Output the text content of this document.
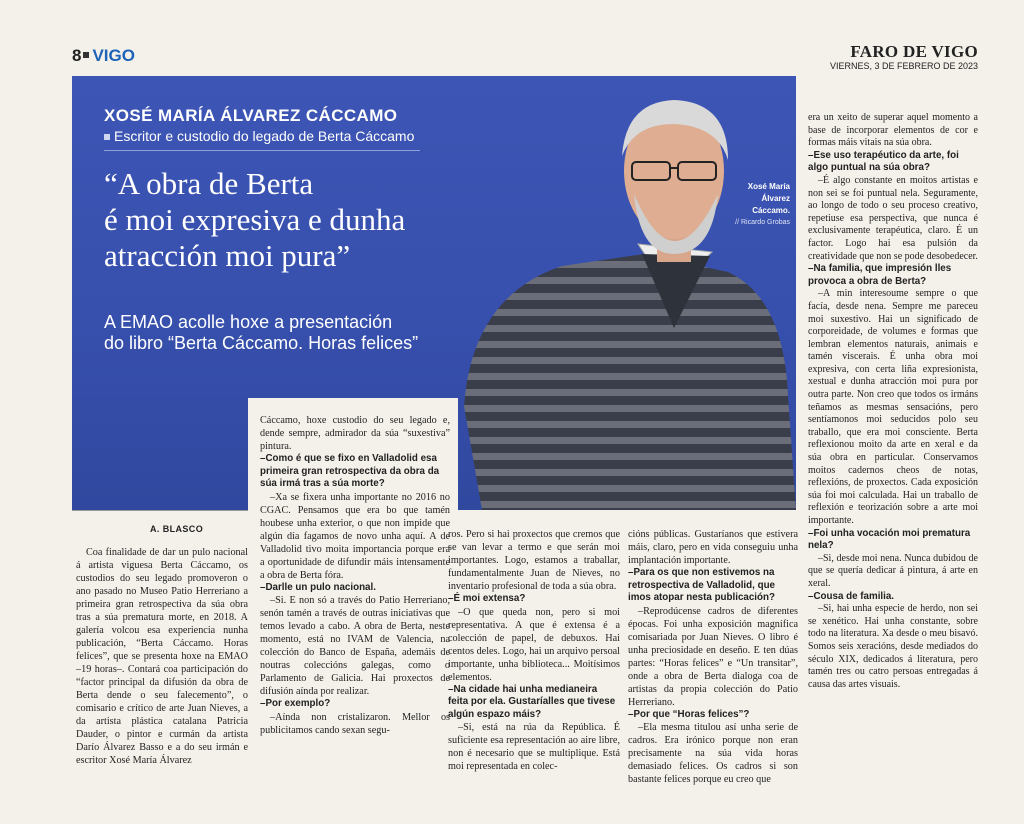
8 VIGO	FARO DE VIGO
VIERNES, 3 DE FEBRERO DE 2023
XOSÉ MARÍA ÁLVAREZ CÁCCAMO
Escritor e custodio do legado de Berta Cáccamo
“A obra de Berta
é moi expresiva e dunha
atracción moi pura”
A EMAO acolle hoxe a presentación
do libro “Berta Cáccamo. Horas felices”
Xosé María
Álvarez
Cáccamo.
// Ricardo Grobas
A. BLASCO

Coa finalidade de dar un pulo nacional á artista viguesa Berta Cáccamo, os custodios do seu legado promoveron o ano pasado no Museo Patio Herreriano a primeira gran retrospectiva da súa obra tras a súa prematura morte, en 2018. A galería volcou esa experiencia nunha publicación, “Berta Cáccamo. Horas felices”, que se presenta hoxe na EMAO –19 horas–. Contará coa participación do “factor principal da difusión da obra de Berta dende o seu falecemento”, o comisario e crítico de arte Juan Nieves, a da artista plástica catalana Patricia Dauder, o pintor e curmán da artista Darío Álvarez Basso e a do seu irmán e escritor Xosé María Álvarez

Cáccamo, hoxe custodio do seu legado e, dende sempre, admirador da súa “suxestiva” pintura.

–Como é que se fixo en Valladolid esa primeira gran retrospectiva da obra da súa irmá tras a súa morte?

–Xa se fixera unha importante no 2016 no CGAC. Pensamos que era bo que tamén houbese unha exterior, o que non impide que algún día fagamos de novo unha aquí. A de Valladolid tivo moita importancia porque era a oportunidade de difundir máis intensamente a obra de Berta fóra.

–Darlle un pulo nacional.

–Si. E non só a través do Patio Herreriano, senón tamén a través de outras iniciativas que temos levado a cabo. A obra de Berta, neste momento, está no IVAM de Valencia, na colección do Banco de España, ademáis de noutras coleccións galegas, como o Parlamento de Galicia. Hai proxectos de difusión aínda por realizar.

–Por exemplo?

–Aínda non cristalizaron. Mellor os publicitamos cando sexan segu-

ros. Pero si hai proxectos que cremos que se van levar a termo e que serán moi importantes. Logo, estamos a traballar, fundamentalmente Juan de Nieves, no inventario profesional de toda a súa obra.

–É moi extensa?

–O que queda non, pero si moi representativa. A que é extensa é a colección de papel, de debuxos. Hai centos deles. Logo, hai un arquivo persoal importante, unha biblioteca... Moitísimos elementos.

–Na cidade hai unha medianeira feita por ela. Gustaríalles que tivese algún espazo máis?

–Si, está na rúa da República. É suficiente esa representación ao aire libre, non é necesario que se multiplique. Está moi representada en colec-

cións públicas. Gustaríanos que estivera máis, claro, pero en vida conseguiu unha implantación importante.

–Para os que non estivemos na retrospectiva de Valladolid, que imos atopar nesta publicación?

–Reprodúcense cadros de diferentes épocas. Foi unha exposición magnífica comisariada por Juan Nieves. O libro é unha preciosidade en deseño. E ten dúas partes: “Horas felices” e “Un transitar”, onde a obra de Berta dialoga coa de artistas da propia colección do Patio Herreriano.

–Por que “Horas felices”?

–Ela mesma titulou así unha serie de cadros. Era irónico porque non eran precisamente na súa vida horas demasiado felices. Os cadros si son bastante felices porque eu creo que

era un xeito de superar aquel momento a base de incorporar elementos de cor e formas máis vitais na súa obra.

–Ese uso terapéutico da arte, foi algo puntual na súa obra?

–É algo constante en moitos artistas e non sei se foi puntual nela. Seguramente, ao longo de todo o seu proceso creativo, repetiuse esa perspectiva, que nunca é exclusivamente terapéutica, claro. É un factor. Logo hai esa pulsión da creatividade que non se pode desobedecer.

–Na familia, que impresión lles provoca a obra de Berta?

–A min interesoume sempre o que facía, desde nena. Sempre me pareceu moi suxestivo. Hai un significado de corporeidade, de volumes e formas que lembran elementos naturais, animais e tamén viscerais. É unha obra moi expresiva, con certa liña expresionista, xestual e dunha atracción moi pura por outra parte. Non creo que todos os irmáns teñamos as mesmas sensacións, pero sentíamonos moi seducidos polo seu traballo, que era moi consciente. Berta reflexionou moito da arte en xeral e da súa obra en particular. Conservamos moitos cadernos cheos de notas, reflexións, de proxectos. Cada exposición súa foi moi calculada. Hai un traballo de reflexión e teorización sobre a arte moi importante.

–Foi unha vocación moi prematura nela?

–Si, desde moi nena. Nunca dubidou de que se quería dedicar á pintura, á arte en xeral.

–Cousa de familia.

–Si, hai unha especie de herdo, non sei se xenético. Hai unha constante, sobre todo na literatura. Xa desde o meu bisavó. Somos seis xeracións, desde mediados do século XIX, dedicados á literatura, pero tamén tres ou catro persoas entregadas á causa das artes visuais.
